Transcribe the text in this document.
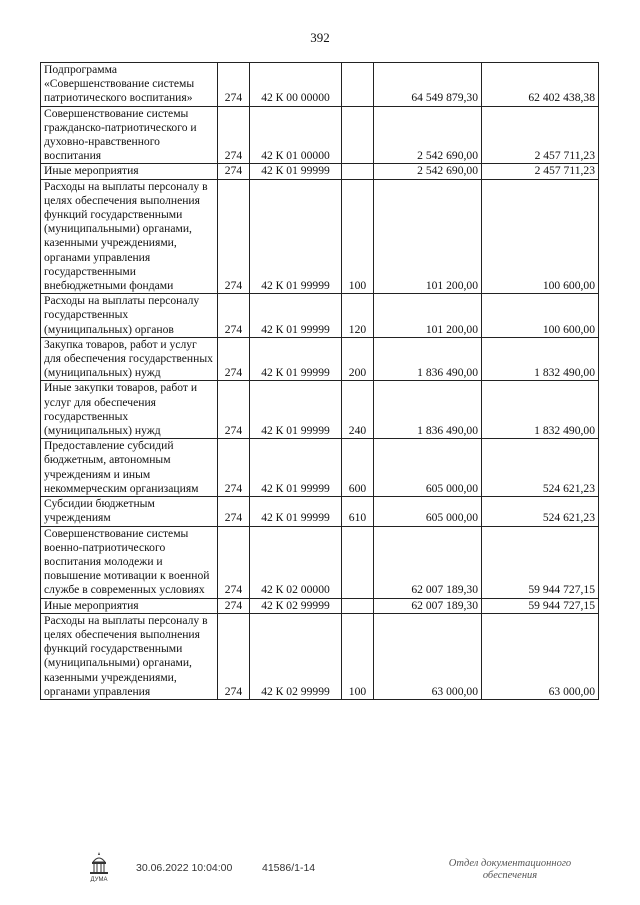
392
Подпрограмма «Совершенствование системы патриотического воспитания»	274	42 К 00 00000		64 549 879,30	62 402 438,38
Совершенствование системы гражданско-патриотического и духовно-нравственного воспитания	274	42 К 01 00000		2 542 690,00	2 457 711,23
Иные мероприятия	274	42 К 01 99999		2 542 690,00	2 457 711,23
Расходы на выплаты персоналу в целях обеспечения выполнения функций государственными (муниципальными) органами, казенными учреждениями, органами управления государственными внебюджетными фондами	274	42 К 01 99999	100	101 200,00	100 600,00
Расходы на выплаты персоналу государственных (муниципальных) органов	274	42 К 01 99999	120	101 200,00	100 600,00
Закупка товаров, работ и услуг для обеспечения государственных (муниципальных) нужд	274	42 К 01 99999	200	1 836 490,00	1 832 490,00
Иные закупки товаров, работ и услуг для обеспечения государственных (муниципальных) нужд	274	42 К 01 99999	240	1 836 490,00	1 832 490,00
Предоставление субсидий бюджетным, автономным учреждениям и иным некоммерческим организациям	274	42 К 01 99999	600	605 000,00	524 621,23
Субсидии бюджетным учреждениям	274	42 К 01 99999	610	605 000,00	524 621,23
Совершенствование системы военно-патриотического воспитания молодежи и повышение мотивации к военной службе в современных условиях	274	42 К 02 00000		62 007 189,30	59 944 727,15
Иные мероприятия	274	42 К 02 99999		62 007 189,30	59 944 727,15
Расходы на выплаты персоналу в целях обеспечения выполнения функций государственными (муниципальными) органами, казенными учреждениями, органами управления	274	42 К 02 99999	100	63 000,00	63 000,00
ДУМА
30.06.2022 10:04:00	41586/1-14	Отдел документационного
обеспечения
